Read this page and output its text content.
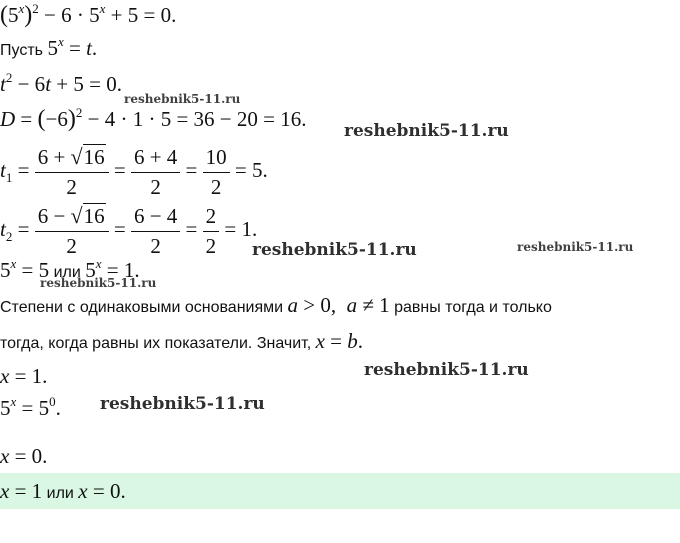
$(5^x)^2 - 6 \cdot 5^x + 5 = 0$.
Пусть $5^x = t$.
$t^2 - 6t + 5 = 0$.
$D = (-6)^2 - 4 \cdot 1 \cdot 5 = 36 - 20 = 16$.
$t_1 = \frac{6 + √16}{2} = \frac{6 + 4}{2} = \frac{10}{2} = 5$.
$t_2 = \frac{6 - √16}{2} = \frac{6 - 4}{2} = \frac{2}{2} = 1$.
$5^x = 5$ или $5^x = 1$.
Степени с одинаковыми основаниями a > 0,  a ≠ 1 равны тогда и только
тогда, когда равны их показатели. Значит, x = b.
x = 1.
$5^x = 5^0$.
x = 0.
x = 1 или x = 0.
reshebnik5-11.ru
reshebnik5-11.ru
reshebnik5-11.ru	reshebnik5-11.ru
reshebnik5-11.ru
reshebnik5-11.ru
reshebnik5-11.ru
